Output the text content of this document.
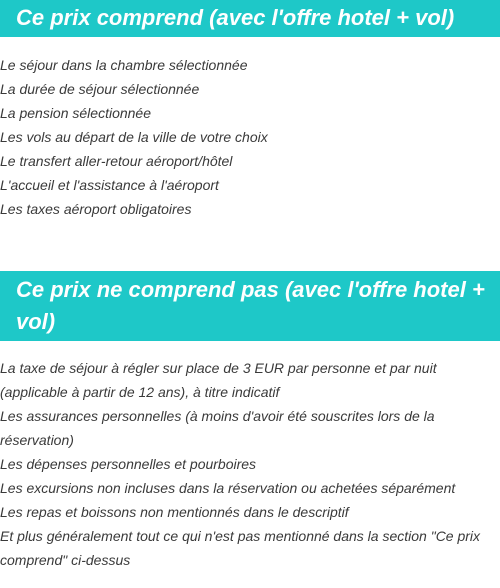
Ce prix comprend (avec l'offre hotel + vol)
Le séjour dans la chambre sélectionnée
La durée de séjour sélectionnée
La pension sélectionnée
Les vols au départ de la ville de votre choix
Le transfert aller-retour aéroport/hôtel
L'accueil et l'assistance à l'aéroport
Les taxes aéroport obligatoires
Ce prix ne comprend pas (avec l'offre hotel + vol)
La taxe de séjour à régler sur place de 3 EUR par personne et par nuit (applicable à partir de 12 ans), à titre indicatif
Les assurances personnelles (à moins d'avoir été souscrites lors de la réservation)
Les dépenses personnelles et pourboires
Les excursions non incluses dans la réservation ou achetées séparément
Les repas et boissons non mentionnés dans le descriptif
Et plus généralement tout ce qui n'est pas mentionné dans la section "Ce prix comprend" ci-dessus
